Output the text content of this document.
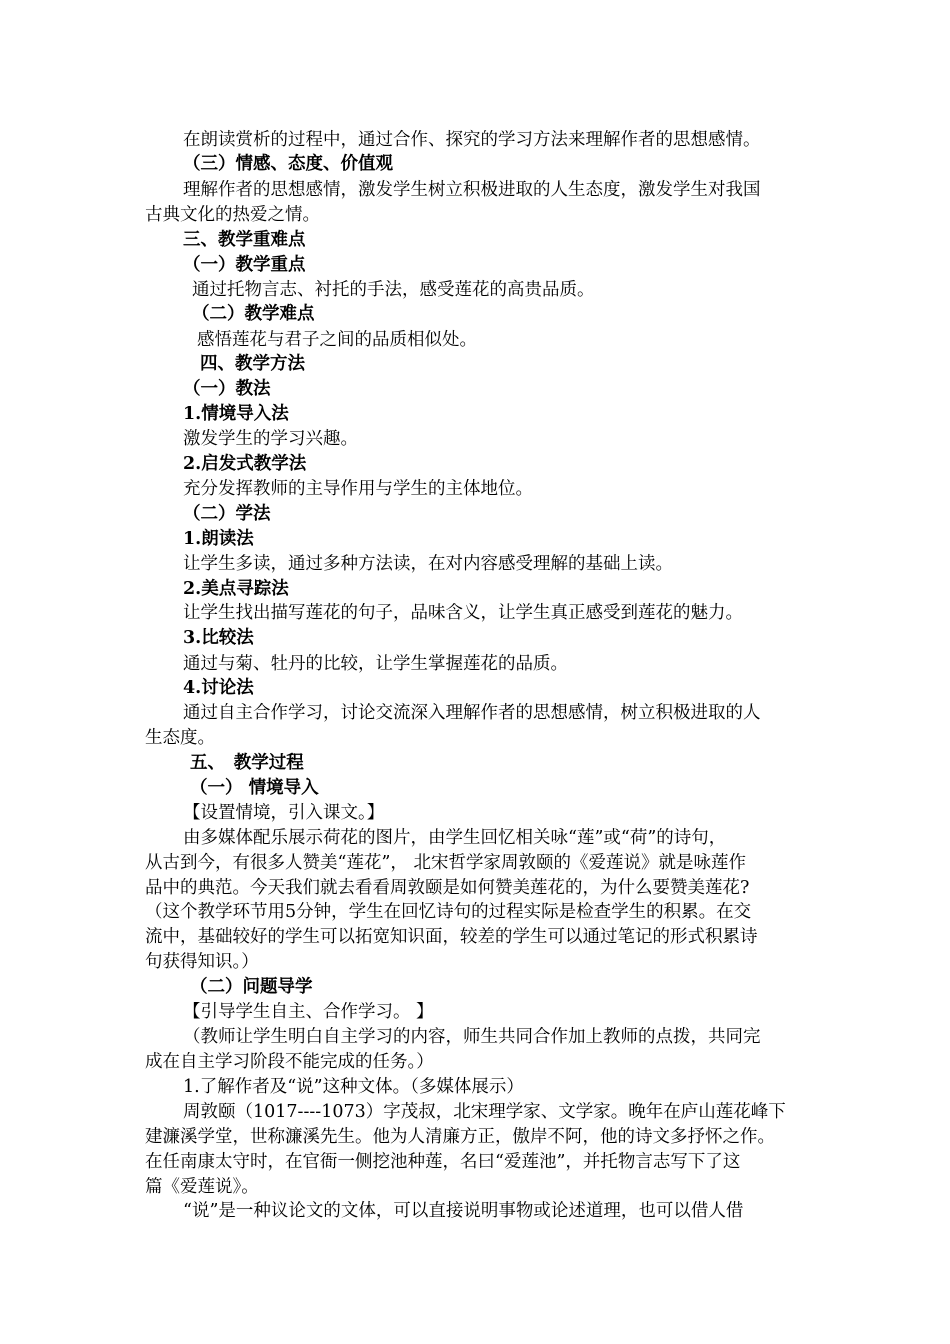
在朗读赏析的过程中，通过合作、探究的学习方法来理解作者的思想感情。
（三）情感、态度、价值观
理解作者的思想感情，激发学生树立积极进取的人生态度，激发学生对我国
古典文化的热爱之情。
三、教学重难点
（一）教学重点
通过托物言志、衬托的手法，感受莲花的高贵品质。
（二）教学难点
感悟莲花与君子之间的品质相似处。
四、教学方法
（一）教法
1.情境导入法
激发学生的学习兴趣。
2.启发式教学法
充分发挥教师的主导作用与学生的主体地位。
（二）学法
1.朗读法
让学生多读，通过多种方法读，在对内容感受理解的基础上读。
2.美点寻踪法
让学生找出描写莲花的句子，品味含义，让学生真正感受到莲花的魅力。
3.比较法
通过与菊、牡丹的比较，让学生掌握莲花的品质。
4.讨论法
通过自主合作学习，讨论交流深入理解作者的思想感情，树立积极进取的人
生态度。
五、　教学过程
（一） 情境导入
【设置情境，引入课文。】
由多媒体配乐展示荷花的图片，由学生回忆相关咏“莲”或“荷”的诗句，
从古到今，有很多人赞美“莲花”， 北宋哲学家周敦颐的《爱莲说》就是咏莲作
品中的典范。今天我们就去看看周敦颐是如何赞美莲花的，为什么要赞美莲花?
（这个教学环节用5分钟，学生在回忆诗句的过程实际是检查学生的积累。在交
流中，基础较好的学生可以拓宽知识面，较差的学生可以通过笔记的形式积累诗
句获得知识。）
（二）问题导学
【引导学生自主、合作学习。 】
（教师让学生明白自主学习的内容，师生共同合作加上教师的点拨，共同完
成在自主学习阶段不能完成的任务。）
1.了解作者及“说”这种文体。（多媒体展示）
周敦颐（1017----1073）字茂叔，北宋理学家、文学家。晚年在庐山莲花峰下
建濂溪学堂，世称濂溪先生。他为人清廉方正，傲岸不阿，他的诗文多抒怀之作。
在任南康太守时，在官衙一侧挖池种莲，名曰“爱莲池”，并托物言志写下了这
篇《爱莲说》。
“说”是一种议论文的文体，可以直接说明事物或论述道理，也可以借人借
